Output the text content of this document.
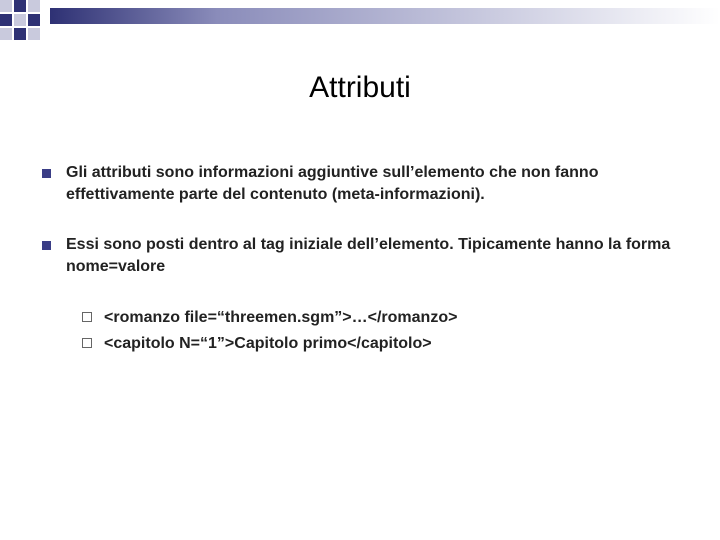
Attributi
Gli attributi sono informazioni aggiuntive sull’elemento che non fanno effettivamente parte del contenuto (meta-informazioni).
Essi sono posti dentro al tag iniziale dell’elemento. Tipicamente hanno la forma nome=valore
<romanzo file=“threemen.sgm”>…</romanzo>
<capitolo N=“1”>Capitolo primo</capitolo>
